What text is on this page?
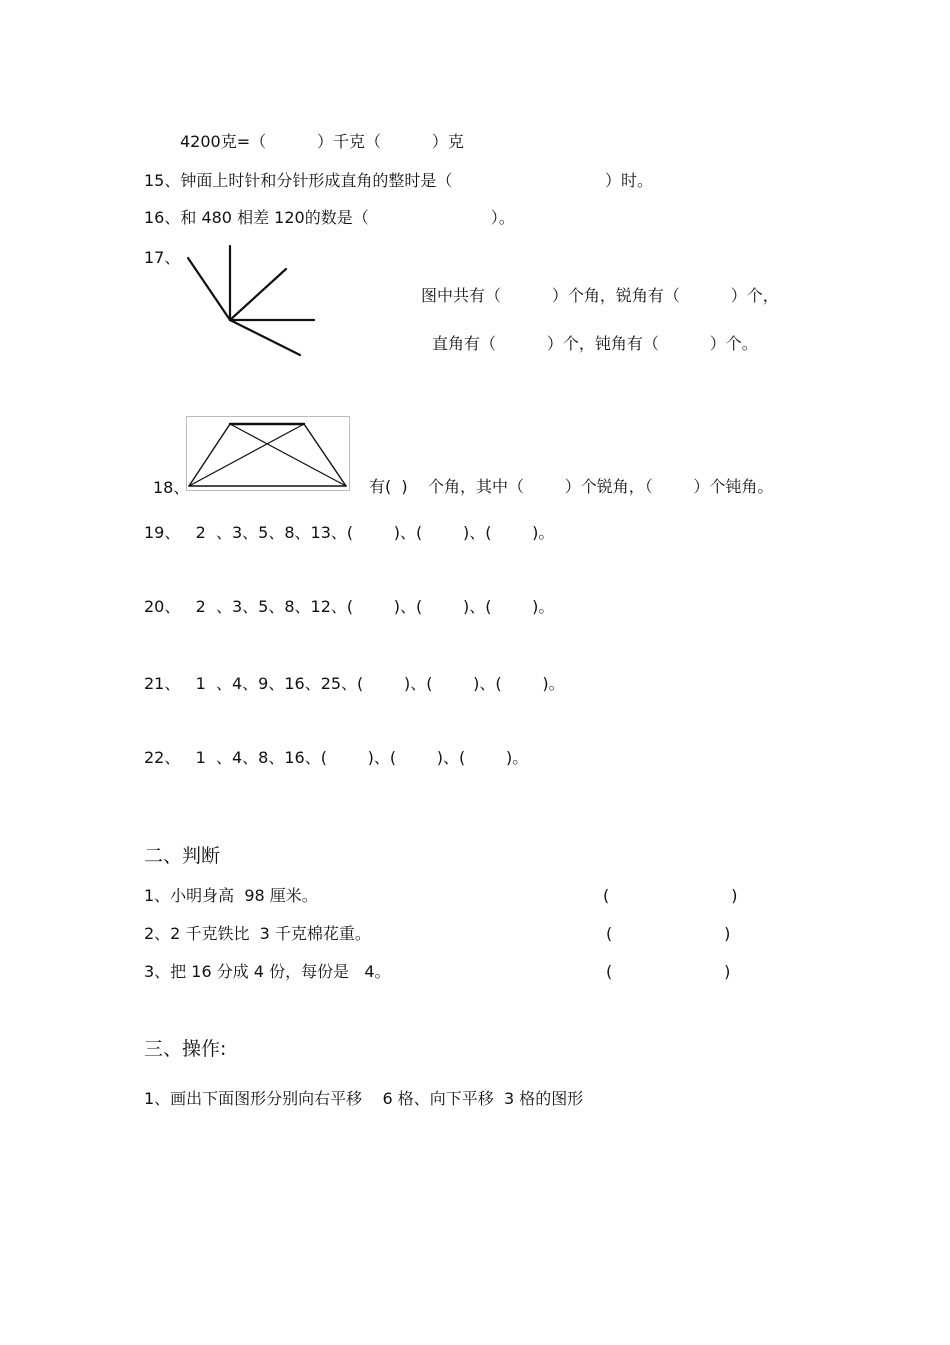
4200克=（          ）千克（          ）克
15、钟面上时针和分针形成直角的整时是（                              ）时。
16、和 480 相差 120的数是（                        ）。
17、
图中共有（          ）个角，锐角有（          ）个，
直角有（          ）个，钝角有（          ）个。
18、	有(  )    个角，其中（        ）个锐角，（        ）个钝角。
19、   2  、3、5、8、13、(        )、(        )、(        )。
20、   2  、3、5、8、12、(        )、(        )、(        )。
21、   1  、4、9、16、25、(        )、(        )、(        )。
22、   1  、4、8、16、(        )、(        )、(        )。
二、判断
1、小明身高  98 厘米。	(                        )
2、2 千克铁比  3 千克棉花重。	(                      )
3、把 16 分成 4 份，每份是   4。	(                      )
三、操作:
1、画出下面图形分别向右平移    6 格、向下平移  3 格的图形
